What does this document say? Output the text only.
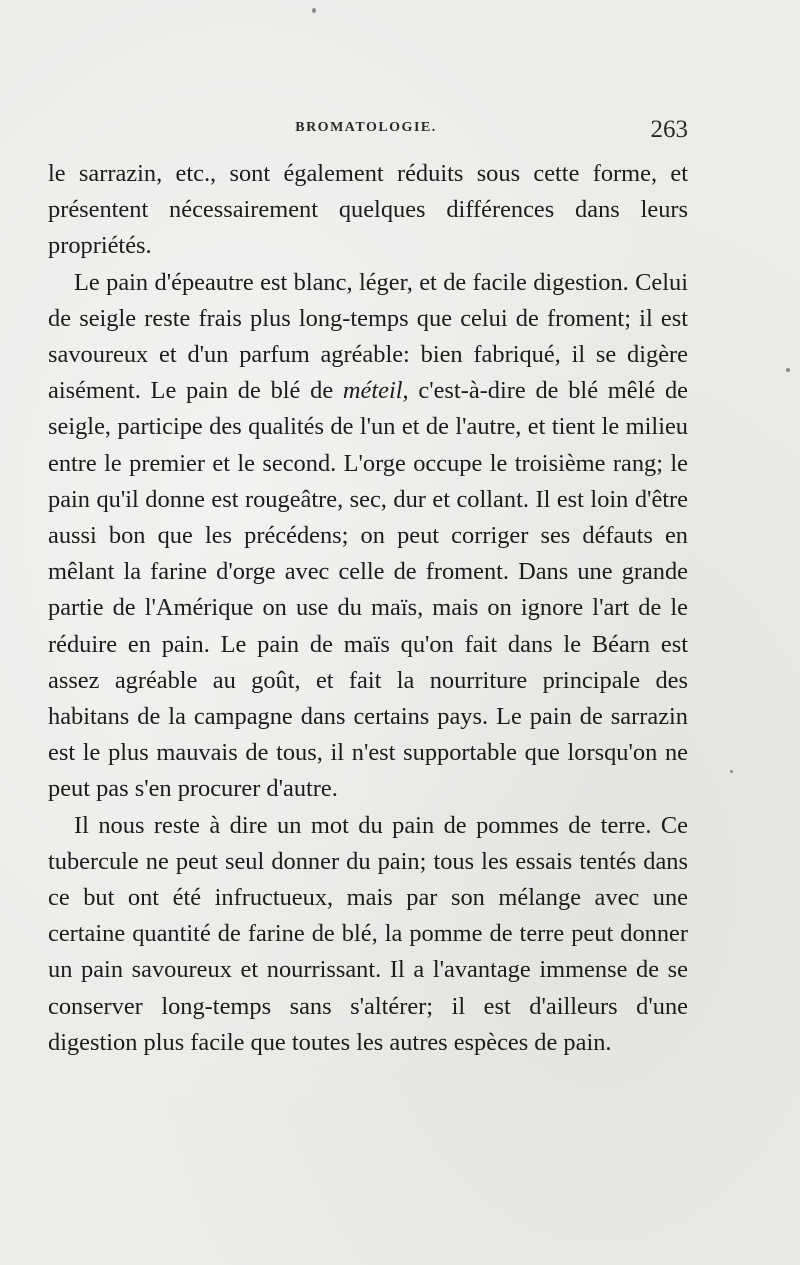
BROMATOLOGIE.	263

le sarrazin, etc., sont également réduits sous cette forme, et présentent nécessairement quelques différences dans leurs propriétés.

Le pain d'épeautre est blanc, léger, et de facile digestion. Celui de seigle reste frais plus long-temps que celui de froment; il est savoureux et d'un parfum agréable: bien fabriqué, il se digère aisément. Le pain de blé de méteil, c'est-à-dire de blé mêlé de seigle, participe des qualités de l'un et de l'autre, et tient le milieu entre le premier et le second. L'orge occupe le troisième rang; le pain qu'il donne est rougeâtre, sec, dur et collant. Il est loin d'être aussi bon que les précédens; on peut corriger ses défauts en mêlant la farine d'orge avec celle de froment. Dans une grande partie de l'Amérique on use du maïs, mais on ignore l'art de le réduire en pain. Le pain de maïs qu'on fait dans le Béarn est assez agréable au goût, et fait la nourriture principale des habitans de la campagne dans certains pays. Le pain de sarrazin est le plus mauvais de tous, il n'est supportable que lorsqu'on ne peut pas s'en procurer d'autre.

Il nous reste à dire un mot du pain de pommes de terre. Ce tubercule ne peut seul donner du pain; tous les essais tentés dans ce but ont été infructueux, mais par son mélange avec une certaine quantité de farine de blé, la pomme de terre peut donner un pain savoureux et nourrissant. Il a l'avantage immense de se conserver long-temps sans s'altérer; il est d'ailleurs d'une digestion plus facile que toutes les autres espèces de pain.
